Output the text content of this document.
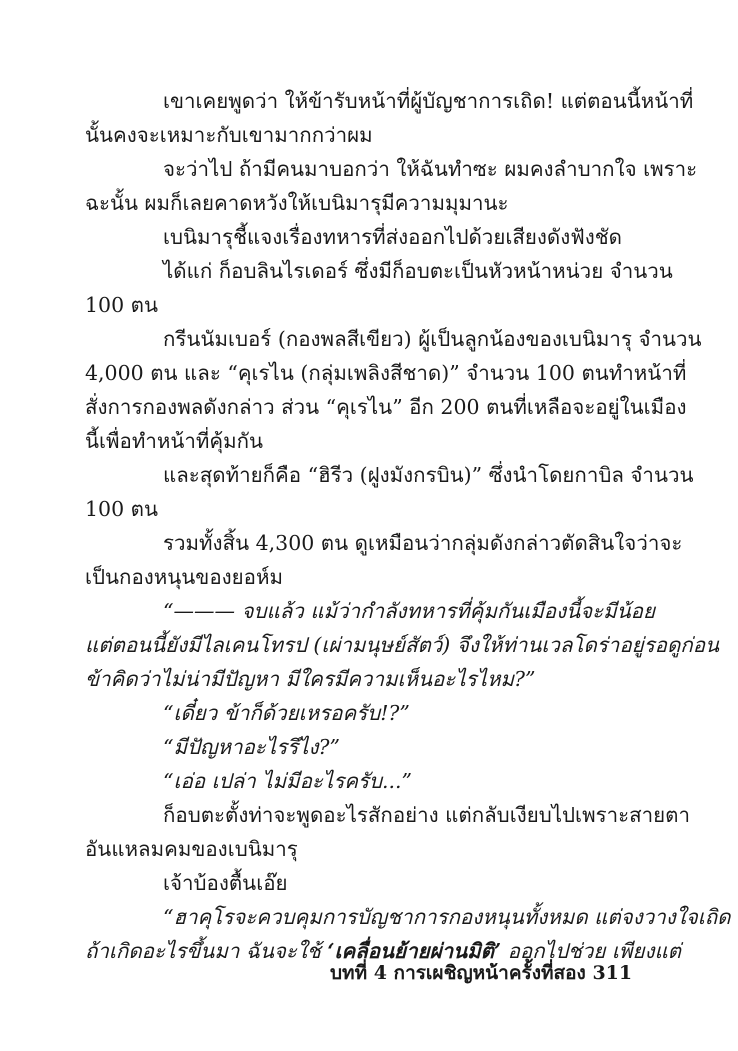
เขาเคยพูดว่า ให้ข้ารับหน้าที่ผู้บัญชาการเถิด! แต่ตอนนี้หน้าที่
นั้นคงจะเหมาะกับเขามากกว่าผม
จะว่าไป ถ้ามีคนมาบอกว่า ให้ฉันทำซะ ผมคงลำบากใจ เพราะ
ฉะนั้น ผมก็เลยคาดหวังให้เบนิมารุมีความมุมานะ
เบนิมารุชี้แจงเรื่องทหารที่ส่งออกไปด้วยเสียงดังฟังชัด
ได้แก่ ก็อบลินไรเดอร์ ซึ่งมีก็อบตะเป็นหัวหน้าหน่วย จำนวน
100 ตน
กรีนนัมเบอร์ (กองพลสีเขียว) ผู้เป็นลูกน้องของเบนิมารุ จำนวน
4,000 ตน และ “คุเรไน (กลุ่มเพลิงสีชาด)” จำนวน 100 ตนทำหน้าที่
สั่งการกองพลดังกล่าว ส่วน “คุเรไน” อีก 200 ตนที่เหลือจะอยู่ในเมือง
นี้เพื่อทำหน้าที่คุ้มกัน
และสุดท้ายก็คือ “ฮิรีว (ฝูงมังกรบิน)” ซึ่งนำโดยกาบิล จำนวน
100 ตน
รวมทั้งสิ้น 4,300 ตน ดูเหมือนว่ากลุ่มดังกล่าวตัดสินใจว่าจะ
เป็นกองหนุนของยอห์ม
“——— จบแล้ว แม้ว่ากำลังทหารที่คุ้มกันเมืองนี้จะมีน้อย
แต่ตอนนี้ยังมีไลเคนโทรป (เผ่ามนุษย์สัตว์) จึงให้ท่านเวลโดร่าอยู่รอดูก่อน
ข้าคิดว่าไม่น่ามีปัญหา มีใครมีความเห็นอะไรไหม?”
“เดี๋ยว ข้าก็ด้วยเหรอครับ!?”
“มีปัญหาอะไรรึไง?”
“เอ่อ เปล่า ไม่มีอะไรครับ...”
ก็อบตะตั้งท่าจะพูดอะไรสักอย่าง แต่กลับเงียบไปเพราะสายตา
อันแหลมคมของเบนิมารุ
เจ้าบ้องตื้นเอ๊ย
“ฮาคุโรจะควบคุมการบัญชาการกองหนุนทั้งหมด แต่จงวางใจเถิด
ถ้าเกิดอะไรขึ้นมา ฉันจะใช้ ‘เคลื่อนย้ายผ่านมิติ’ ออกไปช่วย เพียงแต่
บทที่ 4 การเผชิญหน้าครั้งที่สอง 311
